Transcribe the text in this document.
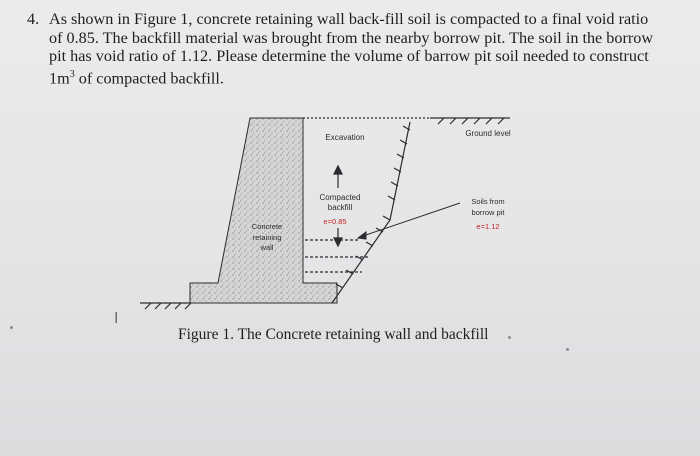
4. As shown in Figure 1, concrete retaining wall back-fill soil is compacted to a final void ratio
of 0.85. The backfill material was brought from the nearby borrow pit. The soil in the borrow
pit has void ratio of 1.12. Please determine the volume of barrow pit soil needed to construct
$1m^3$ of compacted backfill.
Excavation	Ground level
Compacted
backfill
e=0.85
Concrete
retaining
wall
Soils from
borrow pit
e=1.12
I
Figure 1. The Concrete retaining wall and backfill
